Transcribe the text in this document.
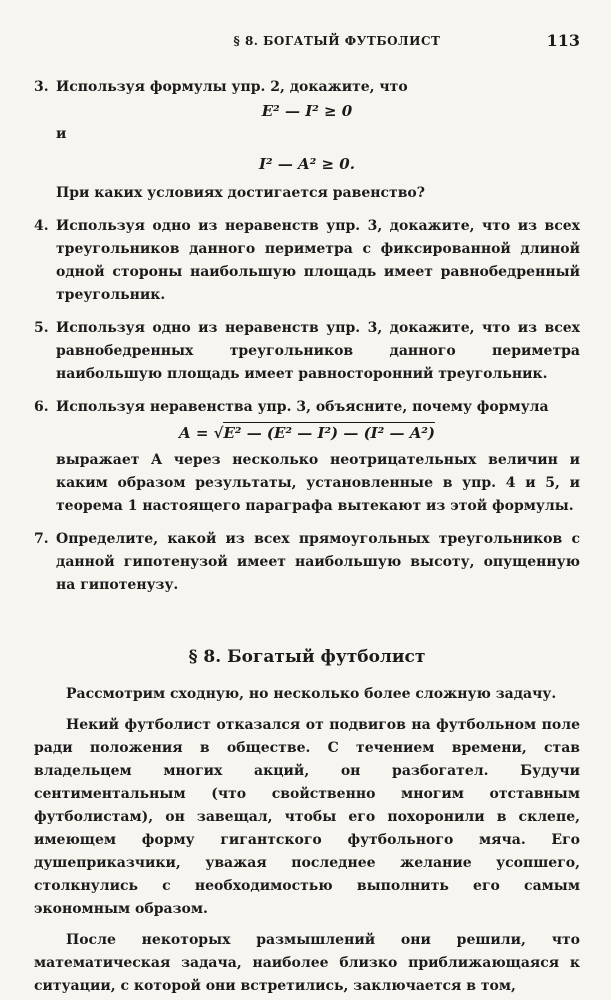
§ 8. БОГАТЫЙ ФУТБОЛИСТ	113
3. Используя формулы упр. 2, докажите, что
E² — I² ≥ 0
и
I² — A² ≥ 0.
При каких условиях достигается равенство?
4. Используя одно из неравенств упр. 3, докажите, что из всех треугольников данного периметра с фиксированной длиной одной стороны наибольшую площадь имеет равнобедренный треугольник.
5. Используя одно из неравенств упр. 3, докажите, что из всех равнобедренных треугольников данного периметра наибольшую площадь имеет равносторонний треугольник.
6. Используя неравенства упр. 3, объясните, почему формула
A = √E² — (E² — I²) — (I² — A²)
выражает A через несколько неотрицательных величин и каким образом результаты, установленные в упр. 4 и 5, и теорема 1 настоящего параграфа вытекают из этой формулы.
7. Определите, какой из всех прямоугольных треугольников с данной гипотенузой имеет наибольшую высоту, опущенную на гипотенузу.
§ 8. Богатый футболист

Рассмотрим сходную, но несколько более сложную задачу.

Некий футболист отказался от подвигов на футбольном поле ради положения в обществе. С течением времени, став владельцем многих акций, он разбогател. Будучи сентиментальным (что свойственно многим отставным футболистам), он завещал, чтобы его похоронили в склепе, имеющем форму гигантского футбольного мяча. Его душеприказчики, уважая последнее желание усопшего, столкнулись с необходимостью выполнить его самым экономным образом.

После некоторых размышлений они решили, что математическая задача, наиболее близко приближающаяся к ситуации, с которой они встретились, заключается в том,
